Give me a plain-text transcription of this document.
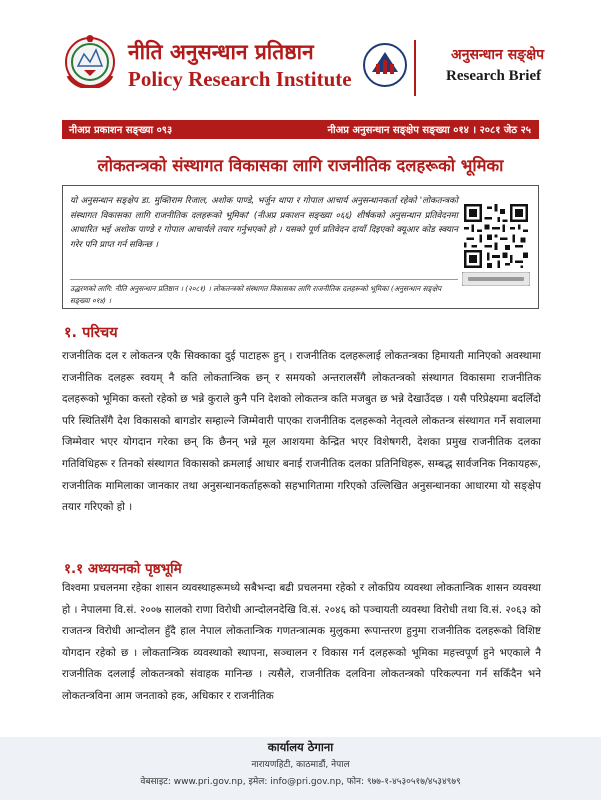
नीति अनुसन्धान प्रतिष्ठान
Policy Research Institute
अनुसन्धान सङ्क्षेप
Research Brief
नीअप्र प्रकाशन सङ्ख्या ०९३	नीअप्र अनुसन्धान सङ्क्षेप सङ्ख्या ०१४ । २०८१ जेठ २५
लोकतन्त्रको संस्थागत विकासका लागि राजनीतिक दलहरूको भूमिका
यो अनुसन्धान सङ्क्षेप डा. मुक्तिराम रिजाल, अशोक पाण्डे, भर्जुन थापा र गोपाल आचार्य अनुसन्धानकर्ता रहेको 'लोकतन्त्रको संस्थागत विकासका लागि राजनीतिक दलहरूको भूमिका' (नीअप्र प्रकाशन सङ्ख्या ०६६) शीर्षकको अनुसन्धान प्रतिवेदनमा आधारित भई अशोक पाण्डे र गोपाल आचार्यले तयार गर्नुभएको हो । यसको पूर्ण प्रतिवेदन दायाँ दिइएको क्यूआर कोड स्क्यान गरेर पनि प्राप्त गर्न सकिन्छ ।
उद्धरणको लागि: नीति अनुसन्धान प्रतिष्ठान । (२०८१) । लोकतन्त्रको संस्थागत विकासका लागि राजनीतिक दलहरूको भूमिका (अनुसन्धान सङ्क्षेप सङ्ख्या ०१४) ।
१. परिचय
राजनीतिक दल र लोकतन्त्र एकै सिक्काका दुई पाटाहरू हुन् । राजनीतिक दलहरूलाई लोकतन्त्रका हिमायती मानिएको अवस्थामा राजनीतिक दलहरू स्वयम् नै कति लोकतान्त्रिक छन् र समयको अन्तरालसँगै लोकतन्त्रको संस्थागत विकासमा राजनीतिक दलहरूको भूमिका कस्तो रहेको छ भन्ने कुराले कुनै पनि देशको लोकतन्त्र कति मजबुत छ भन्ने देखाउँदछ । यसै परिप्रेक्ष्यमा बदलिँदो परि स्थितिसँगै देश विकासको बागडोर सम्हाल्ने जिम्मेवारी पाएका राजनीतिक दलहरूको नेतृत्वले लोकतन्त्र संस्थागत गर्ने सवालमा जिम्मेवार भएर योगदान गरेका छन् कि छैनन् भन्ने मूल आशयमा केन्द्रित भएर विशेषगरी, देशका प्रमुख राजनीतिक दलका गतिविधिहरू र तिनको संस्थागत विकासको क्रमलाई आधार बनाई राजनीतिक दलका प्रतिनिधिहरू, सम्बद्ध सार्वजनिक निकायहरू, राजनीतिक मामिलाका जानकार तथा अनुसन्धानकर्ताहरूको सहभागितामा गरिएको उल्लिखित अनुसन्धानका आधारमा यो सङ्क्षेप तयार गरिएको हो ।
१.१ अध्ययनको पृष्ठभूमि
विश्वमा प्रचलनमा रहेका शासन व्यवस्थाहरूमध्ये सबैभन्दा बढी प्रचलनमा रहेको र लोकप्रिय व्यवस्था लोकतान्त्रिक शासन व्यवस्था हो । नेपालमा वि.सं. २००७ सालको राणा विरोधी आन्दोलनदेखि वि.सं. २०४६ को पञ्चायती व्यवस्था विरोधी तथा वि.सं. २०६३ को राजतन्त्र विरोधी आन्दोलन हुँदै हाल नेपाल लोकतान्त्रिक गणतन्त्रात्मक मुलुकमा रूपान्तरण हुनुमा राजनीतिक दलहरूको विशिष्ट योगदान रहेको छ । लोकतान्त्रिक व्यवस्थाको स्थापना, सञ्चालन र विकास गर्न दलहरूको भूमिका महत्त्वपूर्ण हुने भएकाले नै राजनीतिक दललाई लोकतन्त्रको संवाहक मानिन्छ । त्यसैले, राजनीतिक दलविना लोकतन्त्रको परिकल्पना गर्न सकिँदैन भने लोकतन्त्रविना आम जनताको हक, अधिकार र राजनीतिक
कार्यालय ठेगाना
नारायणहिटी, काठमाडौं, नेपाल
वेबसाइट: www.pri.gov.np, इमेल: info@pri.gov.np, फोन: ९७७-१-४५३०५१७/४५३४९७९
